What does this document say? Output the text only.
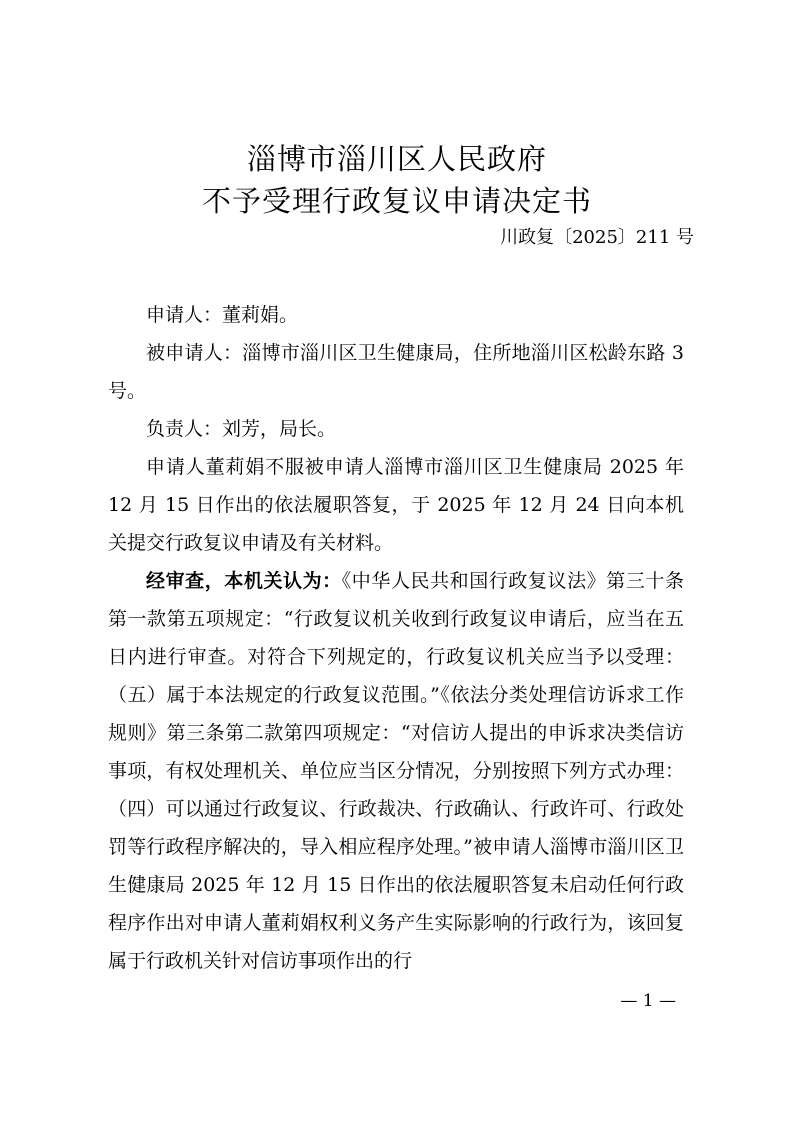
淄博市淄川区人民政府
不予受理行政复议申请决定书
川政复〔2025〕211 号

申请人：董莉娟。

被申请人：淄博市淄川区卫生健康局，住所地淄川区松龄东路 3 号。

负责人：刘芳，局长。

申请人董莉娟不服被申请人淄博市淄川区卫生健康局 2025 年 12 月 15 日作出的依法履职答复，于 2025 年 12 月 24 日向本机关提交行政复议申请及有关材料。

经审查，本机关认为：《中华人民共和国行政复议法》第三十条第一款第五项规定：“行政复议机关收到行政复议申请后，应当在五日内进行审查。对符合下列规定的，行政复议机关应当予以受理：（五）属于本法规定的行政复议范围。”《依法分类处理信访诉求工作规则》第三条第二款第四项规定：“对信访人提出的申诉求决类信访事项，有权处理机关、单位应当区分情况，分别按照下列方式办理：（四）可以通过行政复议、行政裁决、行政确认、行政许可、行政处罚等行政程序解决的，导入相应程序处理。”被申请人淄博市淄川区卫生健康局 2025 年 12 月 15 日作出的依法履职答复未启动任何行政程序作出对申请人董莉娟权利义务产生实际影响的行政行为，该回复属于行政机关针对信访事项作出的行

— 1 —
